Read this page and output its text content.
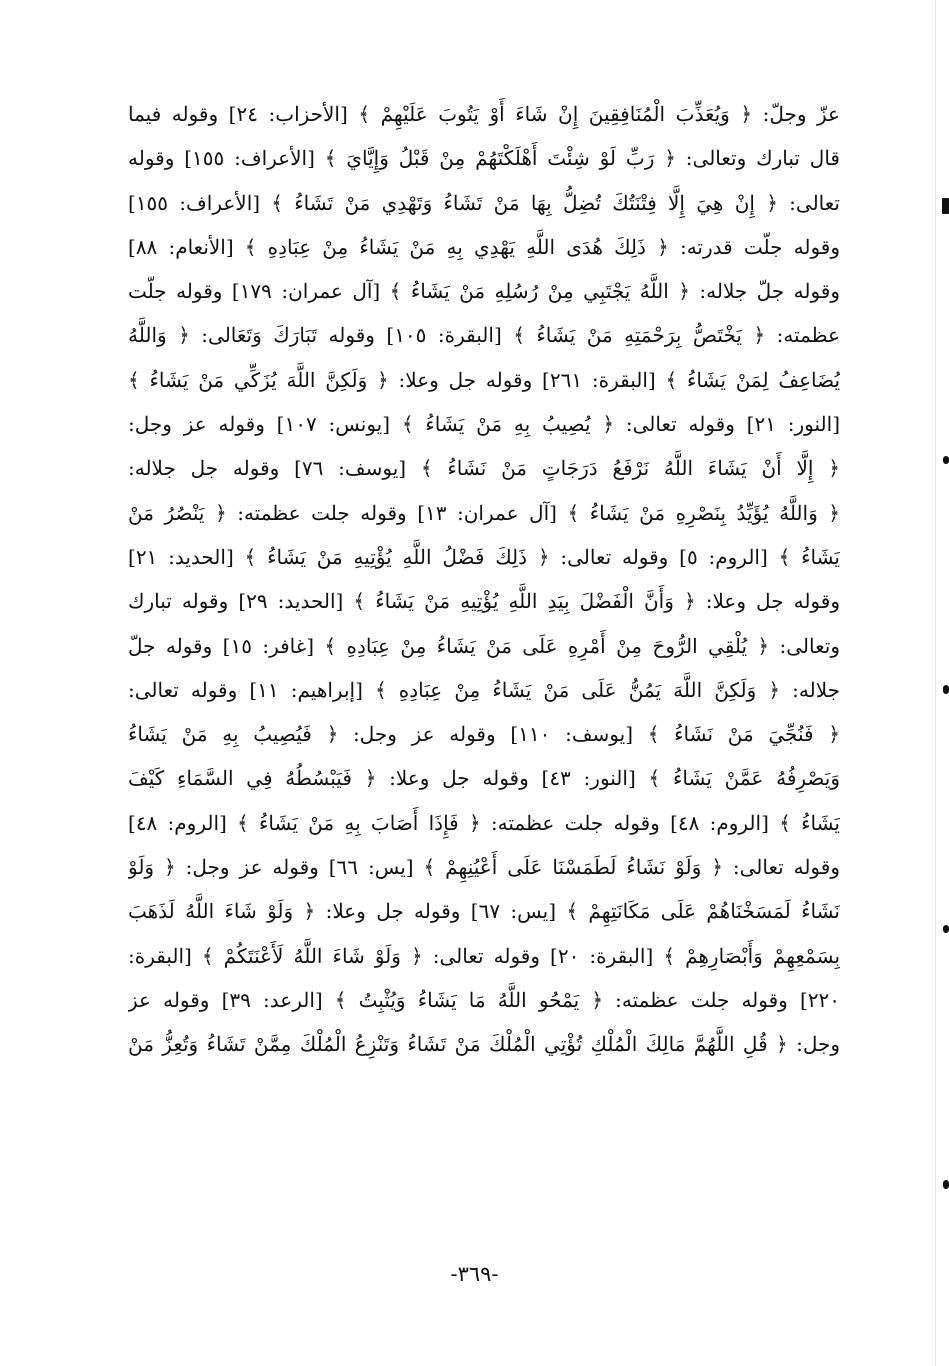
عزّ وجلّ: ﴿ وَيُعَذِّبَ الْمُنَافِقِينَ إِنْ شَاءَ أَوْ يَتُوبَ عَلَيْهِمْ ﴾ [الأحزاب: ٢٤] وقوله فيما
قال تبارك وتعالى: ﴿ رَبِّ لَوْ شِئْتَ أَهْلَكْتَهُمْ مِنْ قَبْلُ وَإِيَّايَ ﴾ [الأعراف: ١٥٥] وقوله
تعالى: ﴿ إِنْ هِيَ إِلَّا فِتْنَتُكَ تُضِلُّ بِهَا مَنْ تَشَاءُ وَتَهْدِي مَنْ تَشَاءُ ﴾ [الأعراف: ١٥٥]
وقوله جلّت قدرته: ﴿ ذَلِكَ هُدَى اللَّهِ يَهْدِي بِهِ مَنْ يَشَاءُ مِنْ عِبَادِهِ ﴾ [الأنعام: ٨٨]
وقوله جلّ جلاله: ﴿ اللَّهُ يَجْتَبِي مِنْ رُسُلِهِ مَنْ يَشَاءُ ﴾ [آل عمران: ١٧٩] وقوله جلّت
عظمته: ﴿ يَخْتَصُّ بِرَحْمَتِهِ مَنْ يَشَاءُ ﴾ [البقرة: ١٠٥] وقوله تَبَارَكَ وَتَعَالى: ﴿ وَاللَّهُ
يُضَاعِفُ لِمَنْ يَشَاءُ ﴾ [البقرة: ٢٦١] وقوله جل وعلا: ﴿ وَلَكِنَّ اللَّهَ يُزَكِّي مَنْ يَشَاءُ ﴾
[النور: ٢١] وقوله تعالى: ﴿ يُصِيبُ بِهِ مَنْ يَشَاءُ ﴾ [يونس: ١٠٧] وقوله عز وجل:
﴿ إِلَّا أَنْ يَشَاءَ اللَّهُ نَرْفَعُ دَرَجَاتٍ مَنْ نَشَاءُ ﴾ [يوسف: ٧٦] وقوله جل جلاله:
﴿ وَاللَّهُ يُؤَيِّدُ بِنَصْرِهِ مَنْ يَشَاءُ ﴾ [آل عمران: ١٣] وقوله جلت عظمته: ﴿ يَنْصُرُ مَنْ
يَشَاءُ ﴾ [الروم: ٥] وقوله تعالى: ﴿ ذَلِكَ فَضْلُ اللَّهِ يُؤْتِيهِ مَنْ يَشَاءُ ﴾ [الحديد: ٢١]
وقوله جل وعلا: ﴿ وَأَنَّ الْفَضْلَ بِيَدِ اللَّهِ يُؤْتِيهِ مَنْ يَشَاءُ ﴾ [الحديد: ٢٩] وقوله تبارك
وتعالى: ﴿ يُلْقِي الرُّوحَ مِنْ أَمْرِهِ عَلَى مَنْ يَشَاءُ مِنْ عِبَادِهِ ﴾ [غافر: ١٥] وقوله جلّ
جلاله: ﴿ وَلَكِنَّ اللَّهَ يَمُنُّ عَلَى مَنْ يَشَاءُ مِنْ عِبَادِهِ ﴾ [إبراهيم: ١١] وقوله تعالى:
﴿ فَنُجِّيَ مَنْ نَشَاءُ ﴾ [يوسف: ١١٠] وقوله عز وجل: ﴿ فَيُصِيبُ بِهِ مَنْ يَشَاءُ
وَيَصْرِفُهُ عَمَّنْ يَشَاءُ ﴾ [النور: ٤٣] وقوله جل وعلا: ﴿ فَيَبْسُطُهُ فِي السَّمَاءِ كَيْفَ
يَشَاءُ ﴾ [الروم: ٤٨] وقوله جلت عظمته: ﴿ فَإِذَا أَصَابَ بِهِ مَنْ يَشَاءُ ﴾ [الروم: ٤٨]
وقوله تعالى: ﴿ وَلَوْ نَشَاءُ لَطَمَسْنَا عَلَى أَعْيُنِهِمْ ﴾ [يس: ٦٦] وقوله عز وجل: ﴿ وَلَوْ
نَشَاءُ لَمَسَخْنَاهُمْ عَلَى مَكَانَتِهِمْ ﴾ [يس: ٦٧] وقوله جل وعلا: ﴿ وَلَوْ شَاءَ اللَّهُ لَذَهَبَ
بِسَمْعِهِمْ وَأَبْصَارِهِمْ ﴾ [البقرة: ٢٠] وقوله تعالى: ﴿ وَلَوْ شَاءَ اللَّهُ لَأَعْنَتَكُمْ ﴾ [البقرة:
٢٢٠] وقوله جلت عظمته: ﴿ يَمْحُو اللَّهُ مَا يَشَاءُ وَيُثْبِتُ ﴾ [الرعد: ٣٩] وقوله عز
وجل: ﴿ قُلِ اللَّهُمَّ مَالِكَ الْمُلْكِ تُؤْتِي الْمُلْكَ مَنْ تَشَاءُ وَتَنْزِعُ الْمُلْكَ مِمَّنْ تَشَاءُ وَتُعِزُّ مَنْ
-٣٦٩-
